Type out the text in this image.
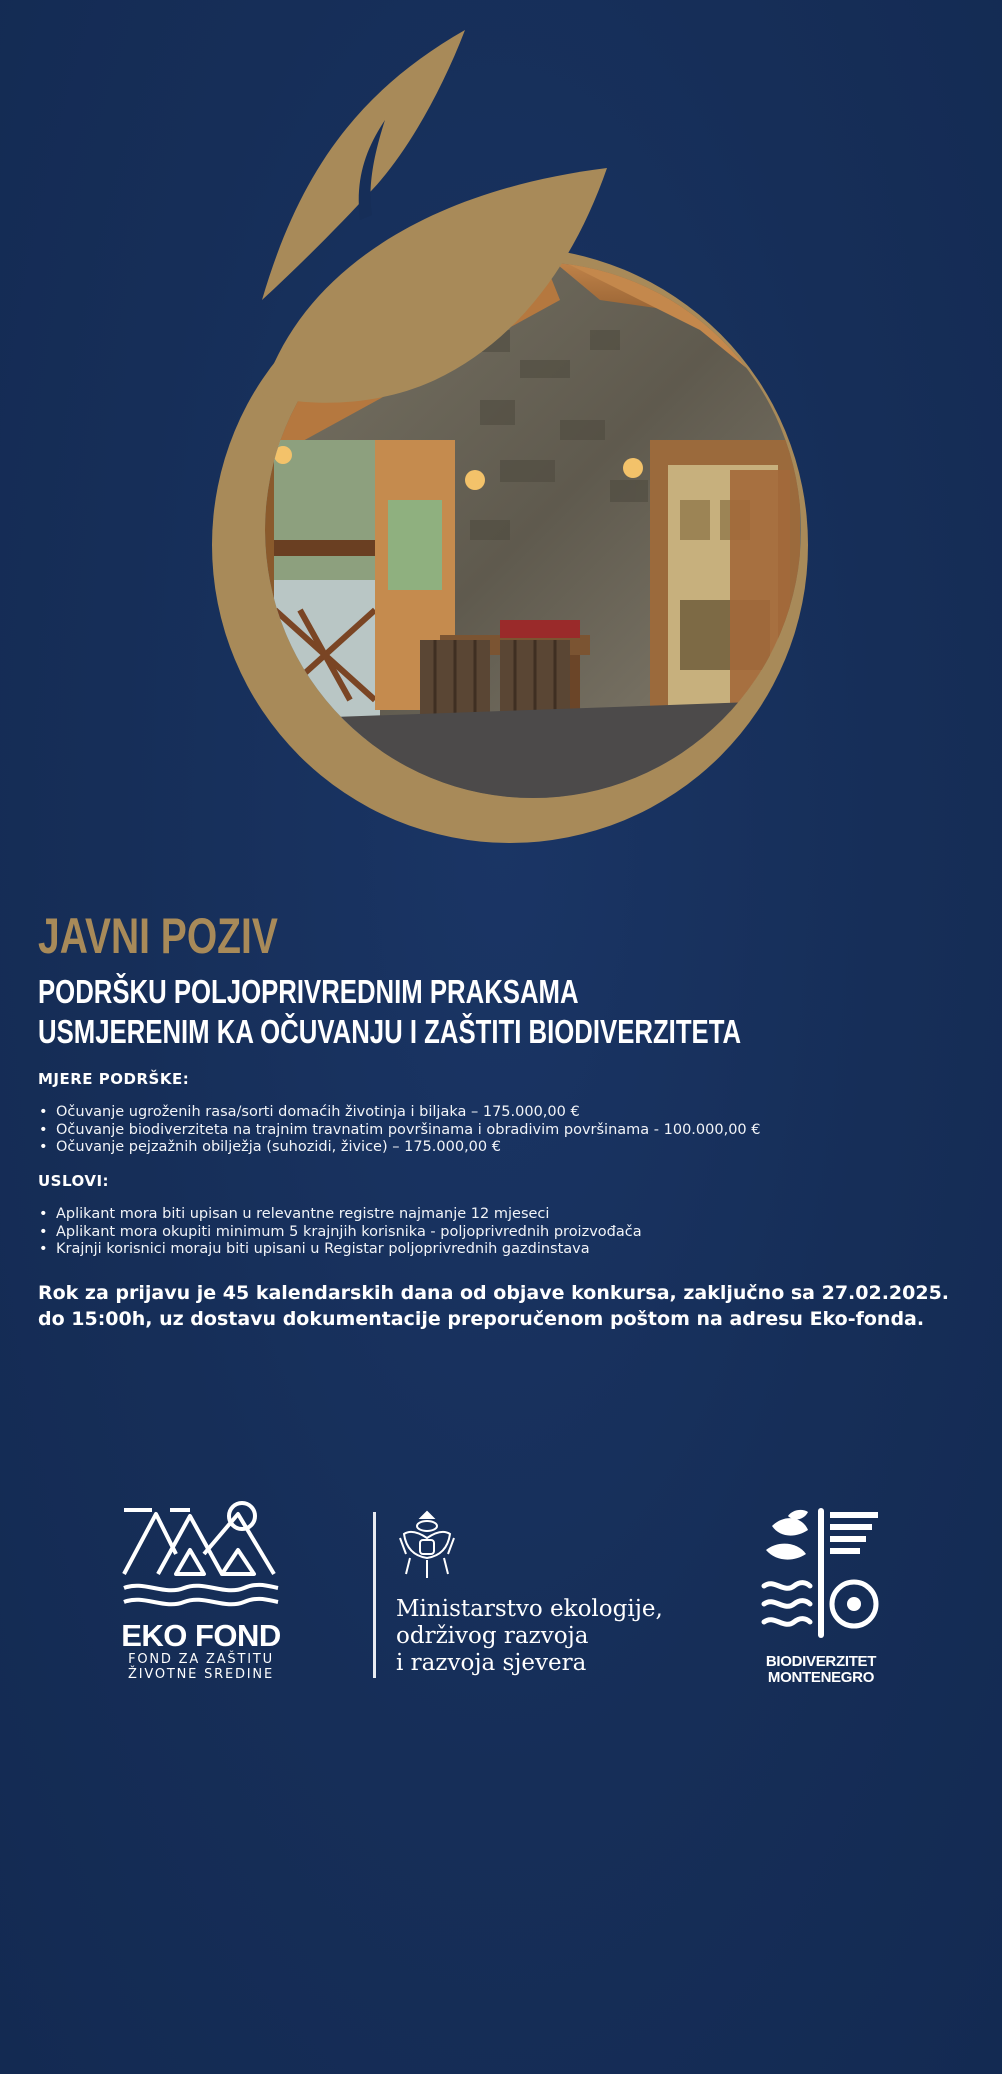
JAVNI POZIV
PODRŠKU POLJOPRIVREDNIM PRAKSAMA
USMJERENIM KA OČUVANJU I ZAŠTITI BIODIVERZITETA
MJERE PODRŠKE:
• Očuvanje ugroženih rasa/sorti domaćih životinja i biljaka – 175.000,00 €
• Očuvanje biodiverziteta na trajnim travnatim površinama i obradivim površinama - 100.000,00 €
• Očuvanje pejzažnih obilježja (suhozidi, živice) – 175.000,00 €
USLOVI:
• Aplikant mora biti upisan u relevantne registre najmanje 12 mjeseci
• Aplikant mora okupiti minimum 5 krajnjih korisnika - poljoprivrednih proizvođača
• Krajnji korisnici moraju biti upisani u Registar poljoprivrednih gazdinstava
Rok za prijavu je 45 kalendarskih dana od objave konkursa, zaključno sa 27.02.2025.
do 15:00h, uz dostavu dokumentacije preporučenom poštom na adresu Eko-fonda.
EKO FOND
FOND ZA ZAŠTITU
ŽIVOTNE SREDINE
Ministarstvo ekologije,
održivog razvoja
i razvoja sjevera	BIODIVERZITET
MONTENEGRO
